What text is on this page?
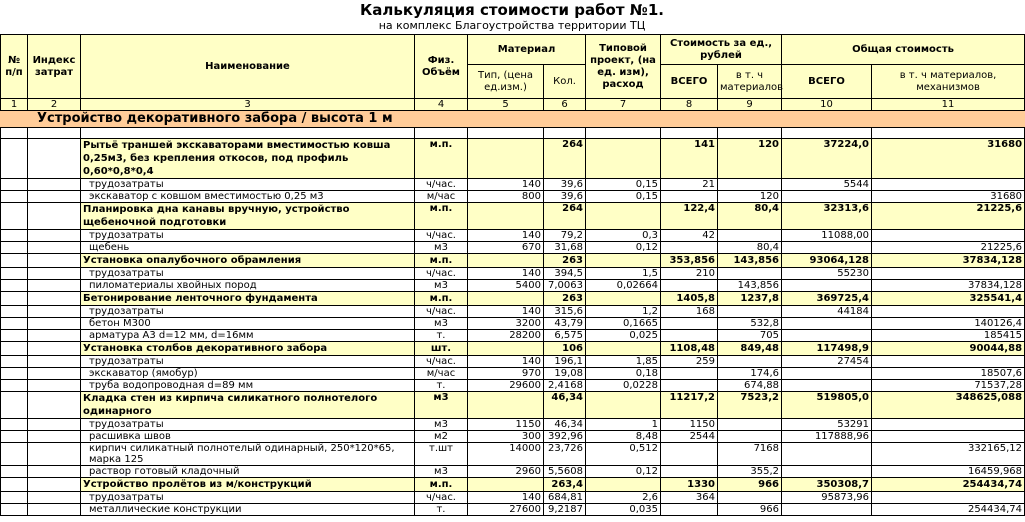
Калькуляция стоимости работ №1.
на комплекс Благоустройства территории ТЦ
№ п/п	Индекс затрат	Наименование	Физ. Объём	Материал		Типовой проект, (на ед. изм), расход	Стоимость за ед., рублей		Общая стоимость	
				Тип, (цена ед.изм.)	Кол.		ВСЕГО	в т. ч материалов	ВСЕГО	в т. ч материалов, механизмов
1	2	3	4	5	6	7	8	9	10	11
Устройство декоративного забора / высота 1 м										

		Рытьё траншей экскаваторами вместимостью ковша 0,25м3, без крепления откосов, под профиль 0,60*0,8*0,4	м.п.		264		141	120	37224,0	31680
		трудозатраты	ч/час.	140	39,6	0,15	21		5544	
		экскаватор с ковшом вместимостью 0,25 м3	м/час	800	39,6	0,15		120		31680
		Планировка дна канавы вручную, устройство щебеночной подготовки	м.п.		264		122,4	80,4	32313,6	21225,6
		трудозатраты	ч/час.	140	79,2	0,3	42		11088,00	
		щебень	м3	670	31,68	0,12		80,4		21225,6
		Установка опалубочного обрамления	м.п.		263		353,856	143,856	93064,128	37834,128
		трудозатраты	ч/час.	140	394,5	1,5	210		55230	
		пиломатериалы хвойных пород	м3	5400	7,0063	0,02664		143,856		37834,128
		Бетонирование ленточного фундамента	м.п.		263		1405,8	1237,8	369725,4	325541,4
		трудозатраты	ч/час.	140	315,6	1,2	168		44184	
		бетон М300	м3	3200	43,79	0,1665		532,8		140126,4
		арматура А3 d=12 мм, d=16мм	т.	28200	6,575	0,025		705		185415
		Установка столбов декоративного забора	шт.		106		1108,48	849,48	117498,9	90044,88
		трудозатраты	ч/час.	140	196,1	1,85	259		27454	
		экскаватор (ямобур)	м/час	970	19,08	0,18		174,6		18507,6
		труба водопроводная d=89 мм	т.	29600	2,4168	0,0228		674,88		71537,28
		Кладка стен из кирпича силикатного полнотелого одинарного	м3		46,34		11217,2	7523,2	519805,0	348625,088
		трудозатраты	м3	1150	46,34	1	1150		53291	
		расшивка швов	м2	300	392,96	8,48	2544		117888,96	
		кирпич силикатный полнотелый одинарный, 250*120*65, марка 125	т.шт	14000	23,726	0,512		7168		332165,12
		раствор готовый кладочный	м3	2960	5,5608	0,12		355,2		16459,968
		Устройство пролётов из м/конструкций	м.п.		263,4		1330	966	350308,7	254434,74
		трудозатраты	ч/час.	140	684,81	2,6	364		95873,96	
		металлические конструкции	т.	27600	9,2187	0,035		966		254434,74
